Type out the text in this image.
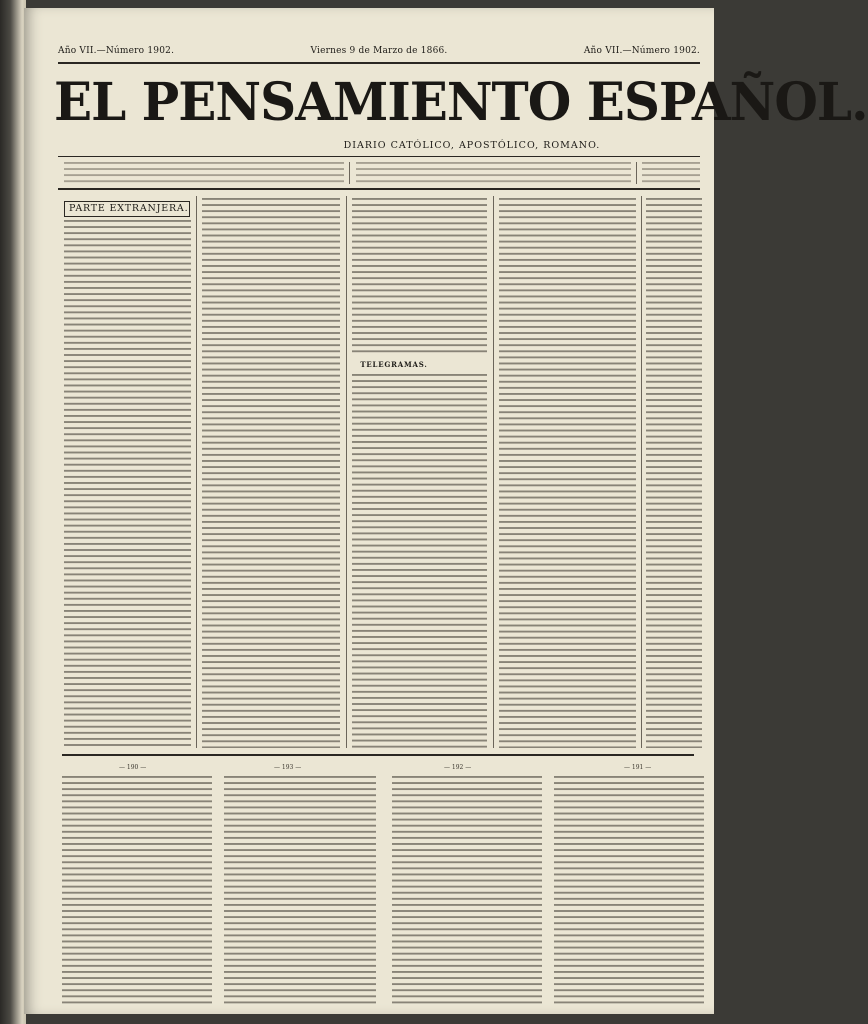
Año VII.—Número 1902.	Viernes 9 de Marzo de 1866.	Año VII.—Número 1902.
EL PENSAMIENTO ESPAÑOL.
DIARIO CATÓLICO, APOSTÓLICO, ROMANO.
PARTE EXTRANJERA.
TELEGRAMAS.
— 190 —	— 193 —	— 192 —	— 191 —
